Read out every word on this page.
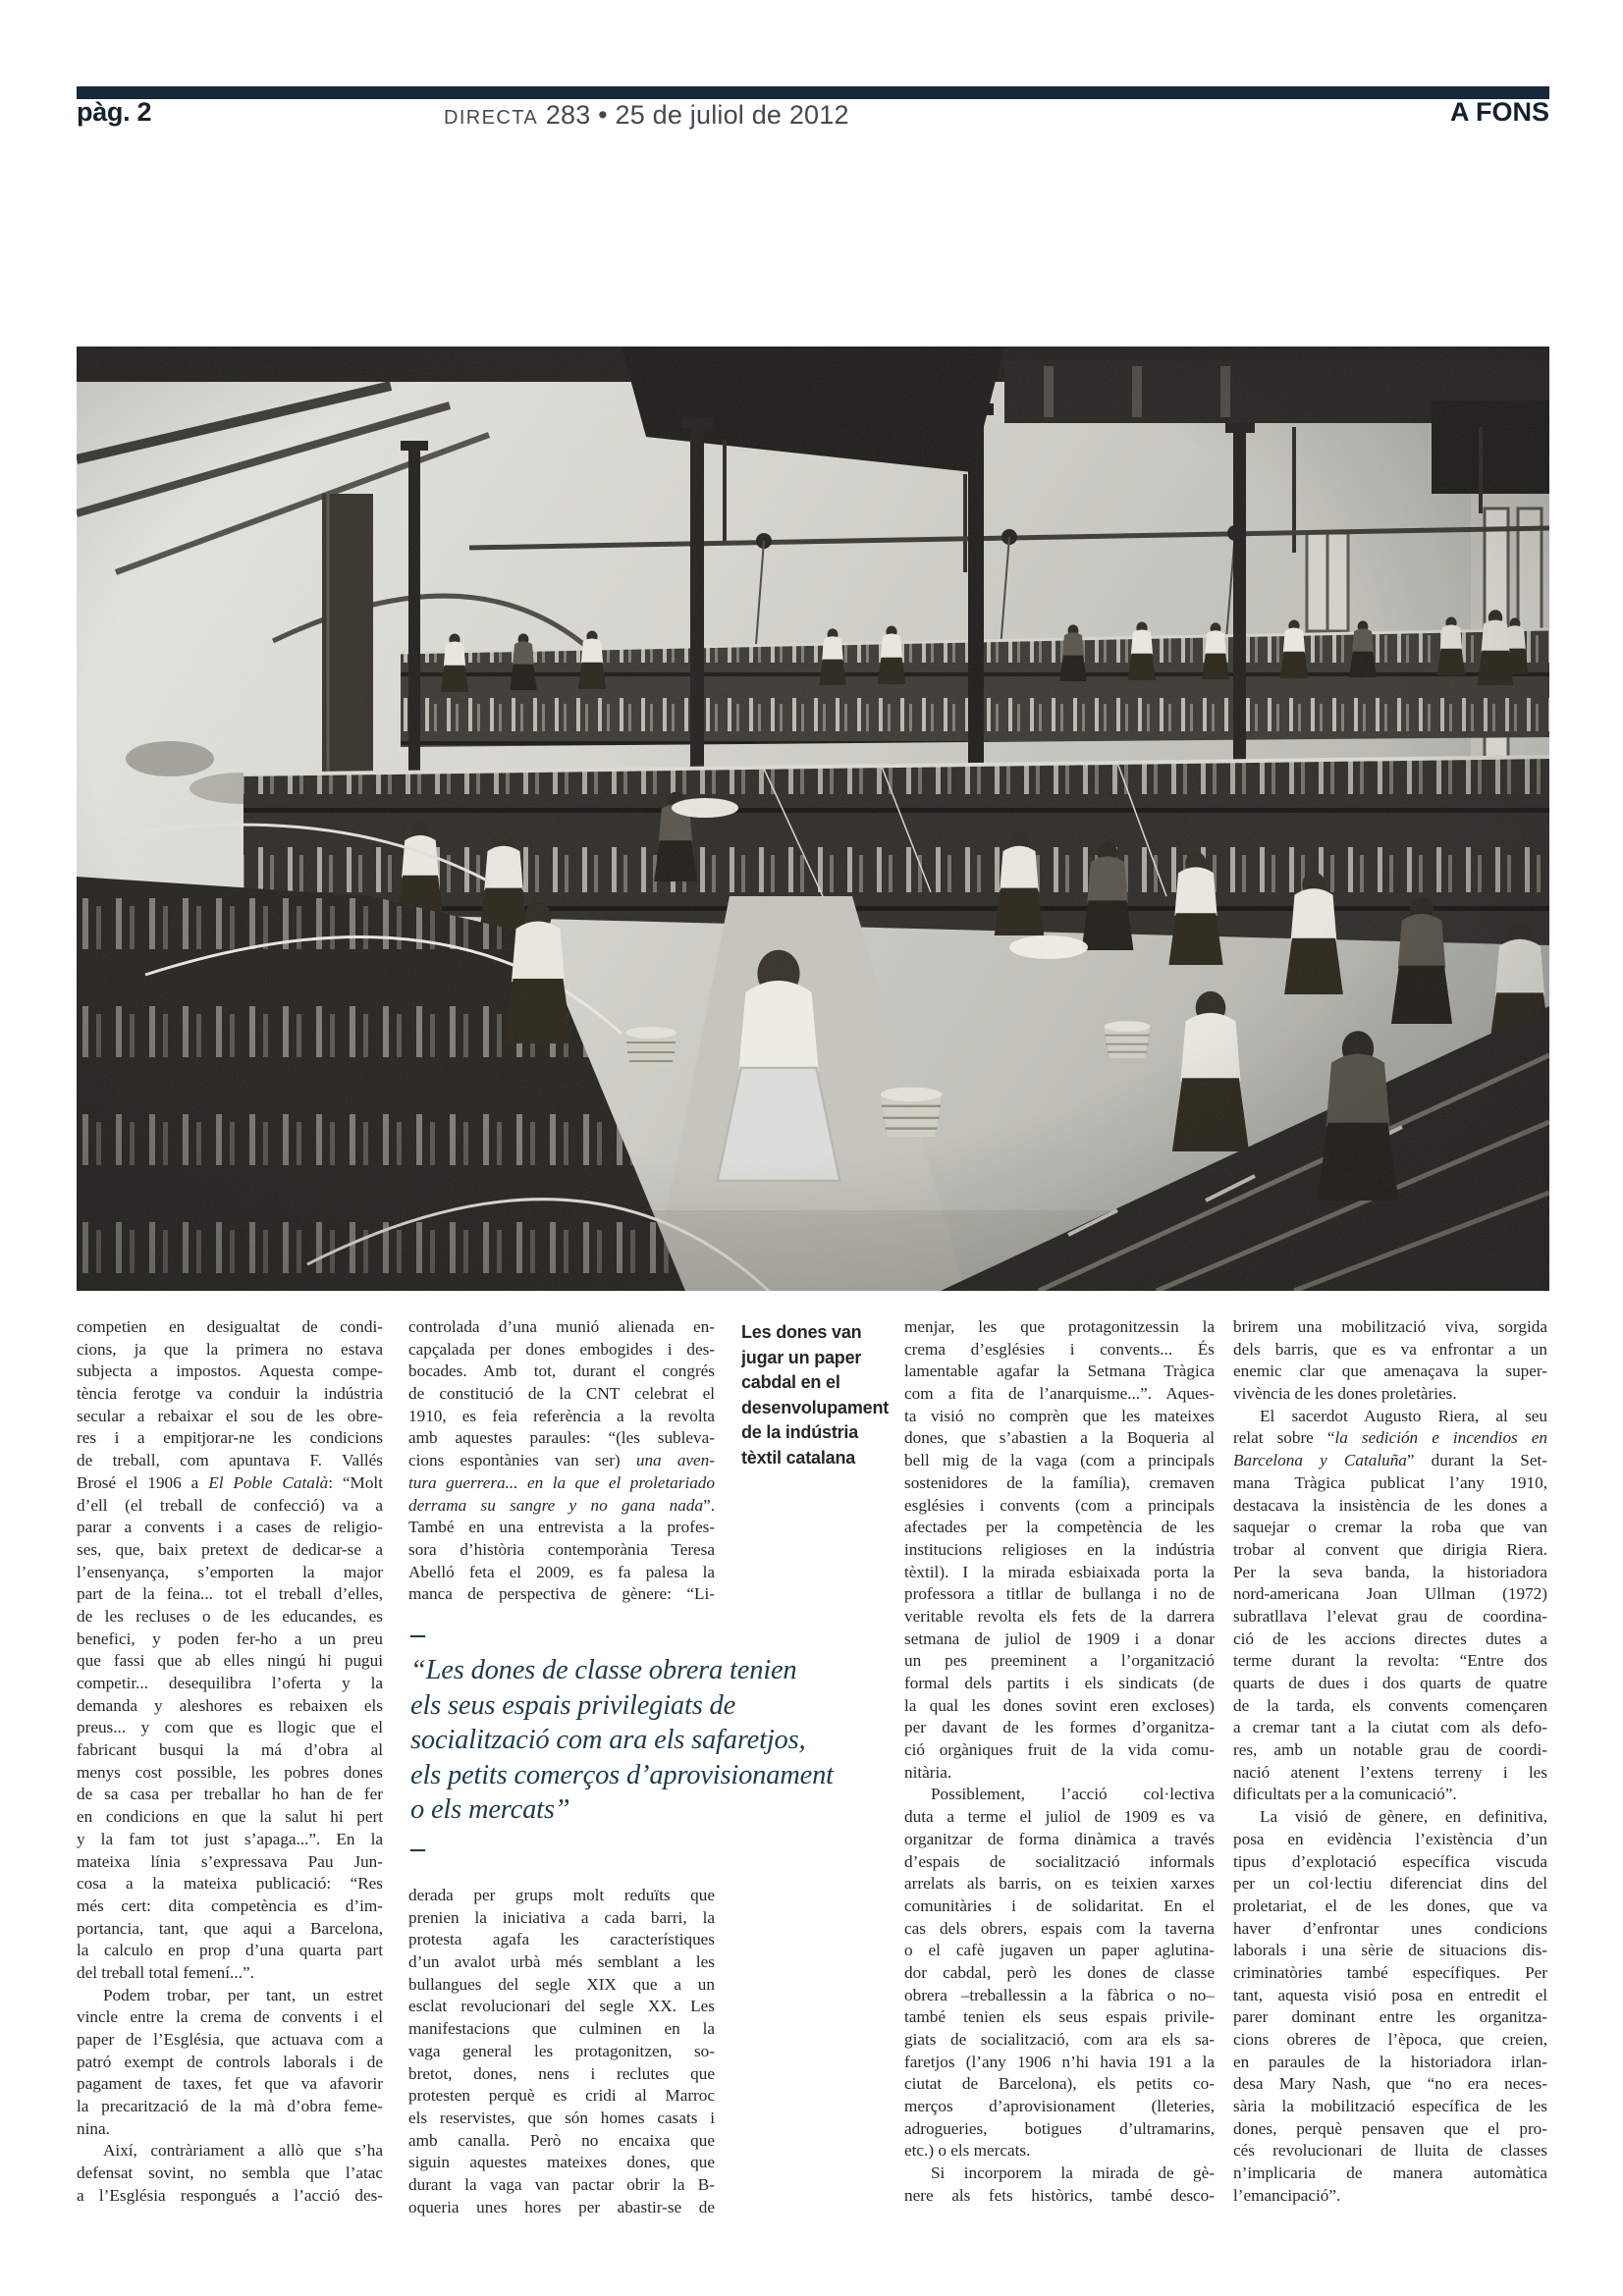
pàg. 2	DIRECTA 283 • 25 de juliol de 2012	A FONS
Les dones van
jugar un paper
cabdal en el
desenvolupament
de la indústria
tèxtil catalana
–
“Les dones de classe obrera tenien
els seus espais privilegiats de
socialització com ara els safaretjos,
els petits comerços d’aprovisionament
o els mercats”
–
competien en desigualtat de condi-
cions, ja que la primera no estava
subjecta a impostos. Aquesta compe-
tència ferotge va conduir la indústria
secular a rebaixar el sou de les obre-
res i a empitjorar-ne les condicions
de treball, com apuntava F. Vallés
Brosé el 1906 a El Poble Català: “Molt
d’ell (el treball de confecció) va a
parar a convents i a cases de religio-
ses, que, baix pretext de dedicar-se a
l’ensenyança, s’emporten la major
part de la feina... tot el treball d’elles,
de les recluses o de les educandes, es
benefici, y poden fer-ho a un preu
que fassi que ab elles ningú hi pugui
competir... desequilibra l’oferta y la
demanda y aleshores es rebaixen els
preus... y com que es llogic que el
fabricant busqui la má d’obra al
menys cost possible, les pobres dones
de sa casa per treballar ho han de fer
en condicions en que la salut hi pert
y la fam tot just s’apaga...”. En la
mateixa línia s’expressava Pau Jun-
cosa a la mateixa publicació: “Res
més cert: dita competència es d’im-
portancia, tant, que aqui a Barcelona,
la calculo en prop d’una quarta part
del treball total femení...”.
Podem trobar, per tant, un estret
vincle entre la crema de convents i el
paper de l’Església, que actuava com a
patró exempt de controls laborals i de
pagament de taxes, fet que va afavorir
la precarització de la mà d’obra feme-
nina.
Així, contràriament a allò que s’ha
defensat sovint, no sembla que l’atac
a l’Església respongués a l’acció des-
controlada d’una munió alienada en-
capçalada per dones embogides i des-
bocades. Amb tot, durant el congrés
de constitució de la CNT celebrat el
1910, es feia referència a la revolta
amb aquestes paraules: “(les subleva-
cions espontànies van ser) una aven-
tura guerrera... en la que el proletariado
derrama su sangre y no gana nada”.
També en una entrevista a la profes-
sora d’història contemporània Teresa
Abelló feta el 2009, es fa palesa la
manca de perspectiva de gènere: “Li-
derada per grups molt reduïts que
prenien la iniciativa a cada barri, la
protesta agafa les característiques
d’un avalot urbà més semblant a les
bullangues del segle XIX que a un
esclat revolucionari del segle XX. Les
manifestacions que culminen en la
vaga general les protagonitzen, so-
bretot, dones, nens i reclutes que
protesten perquè es cridi al Marroc
els reservistes, que són homes casats i
amb canalla. Però no encaixa que
siguin aquestes mateixes dones, que
durant la vaga van pactar obrir la B-
oqueria unes hores per abastir-se de
menjar, les que protagonitzessin la
crema d’esglésies i convents... És
lamentable agafar la Setmana Tràgica
com a fita de l’anarquisme...”. Aques-
ta visió no comprèn que les mateixes
dones, que s’abastien a la Boqueria al
bell mig de la vaga (com a principals
sostenidores de la família), cremaven
esglésies i convents (com a principals
afectades per la competència de les
institucions religioses en la indústria
tèxtil). I la mirada esbiaixada porta la
professora a titllar de bullanga i no de
veritable revolta els fets de la darrera
setmana de juliol de 1909 i a donar
un pes preeminent a l’organització
formal dels partits i els sindicats (de
la qual les dones sovint eren excloses)
per davant de les formes d’organitza-
ció orgàniques fruit de la vida comu-
nitària.
Possiblement, l’acció col·lectiva
duta a terme el juliol de 1909 es va
organitzar de forma dinàmica a través
d’espais de socialització informals
arrelats als barris, on es teixien xarxes
comunitàries i de solidaritat. En el
cas dels obrers, espais com la taverna
o el cafè jugaven un paper aglutina-
dor cabdal, però les dones de classe
obrera –treballessin a la fàbrica o no–
també tenien els seus espais privile-
giats de socialització, com ara els sa-
faretjos (l’any 1906 n’hi havia 191 a la
ciutat de Barcelona), els petits co-
merços d’aprovisionament (lleteries,
adrogueries, botigues d’ultramarins,
etc.) o els mercats.
Si incorporem la mirada de gè-
nere als fets històrics, també desco-
brirem una mobilització viva, sorgida
dels barris, que es va enfrontar a un
enemic clar que amenaçava la super-
vivència de les dones proletàries.
El sacerdot Augusto Riera, al seu
relat sobre “la sedición e incendios en
Barcelona y Cataluña” durant la Set-
mana Tràgica publicat l’any 1910,
destacava la insistència de les dones a
saquejar o cremar la roba que van
trobar al convent que dirigia Riera.
Per la seva banda, la historiadora
nord-americana Joan Ullman (1972)
subratllava l’elevat grau de coordina-
ció de les accions directes dutes a
terme durant la revolta: “Entre dos
quarts de dues i dos quarts de quatre
de la tarda, els convents començaren
a cremar tant a la ciutat com als defo-
res, amb un notable grau de coordi-
nació atenent l’extens terreny i les
dificultats per a la comunicació”.
La visió de gènere, en definitiva,
posa en evidència l’existència d’un
tipus d’explotació específica viscuda
per un col·lectiu diferenciat dins del
proletariat, el de les dones, que va
haver d’enfrontar unes condicions
laborals i una sèrie de situacions dis-
criminatòries també específiques. Per
tant, aquesta visió posa en entredit el
parer dominant entre les organitza-
cions obreres de l’època, que creien,
en paraules de la historiadora irlan-
desa Mary Nash, que “no era neces-
sària la mobilització específica de les
dones, perquè pensaven que el pro-
cés revolucionari de lluita de classes
n’implicaria de manera automàtica
l’emancipació”.
